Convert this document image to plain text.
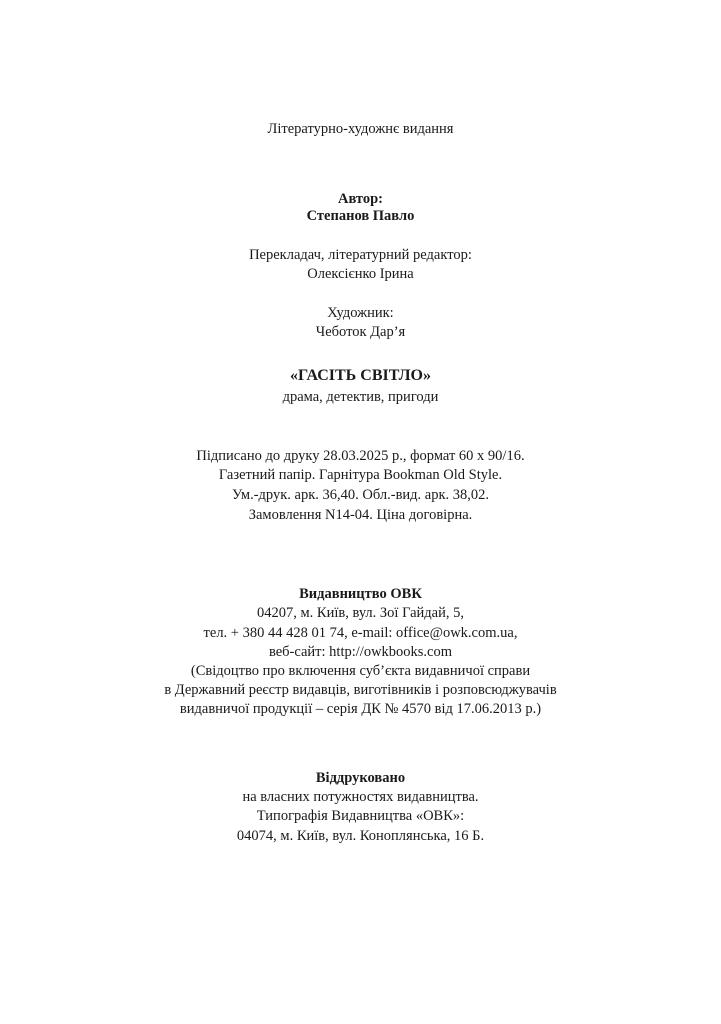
Літературно-художнє видання
Автор:
Степанов Павло
Перекладач, літературний редактор:
Олексієнко Ірина
Художник:
Чеботок Дар’я
«ГАСІТЬ СВІТЛО»
драма, детектив, пригоди
Підписано до друку 28.03.2025 р., формат 60 х 90/16.
Газетний папір. Гарнітура Bookman Old Style.
Ум.-друк. арк. 36,40. Обл.-вид. арк. 38,02.
Замовлення N14-04. Ціна договірна.
Видавництво ОВК
04207, м. Київ, вул. Зої Гайдай, 5,
тел. + 380 44 428 01 74, e-mail: office@owk.com.ua,
веб-сайт: http://owkbooks.com
(Свідоцтво про включення суб’єкта видавничої справи
в Державний реєстр видавців, виготівників і розповсюджувачів
видавничої продукції – серія ДК № 4570 від 17.06.2013 р.)
Віддруковано
на власних потужностях видавництва.
Типографія Видавництва «ОВК»:
04074, м. Київ, вул. Коноплянська, 16 Б.
